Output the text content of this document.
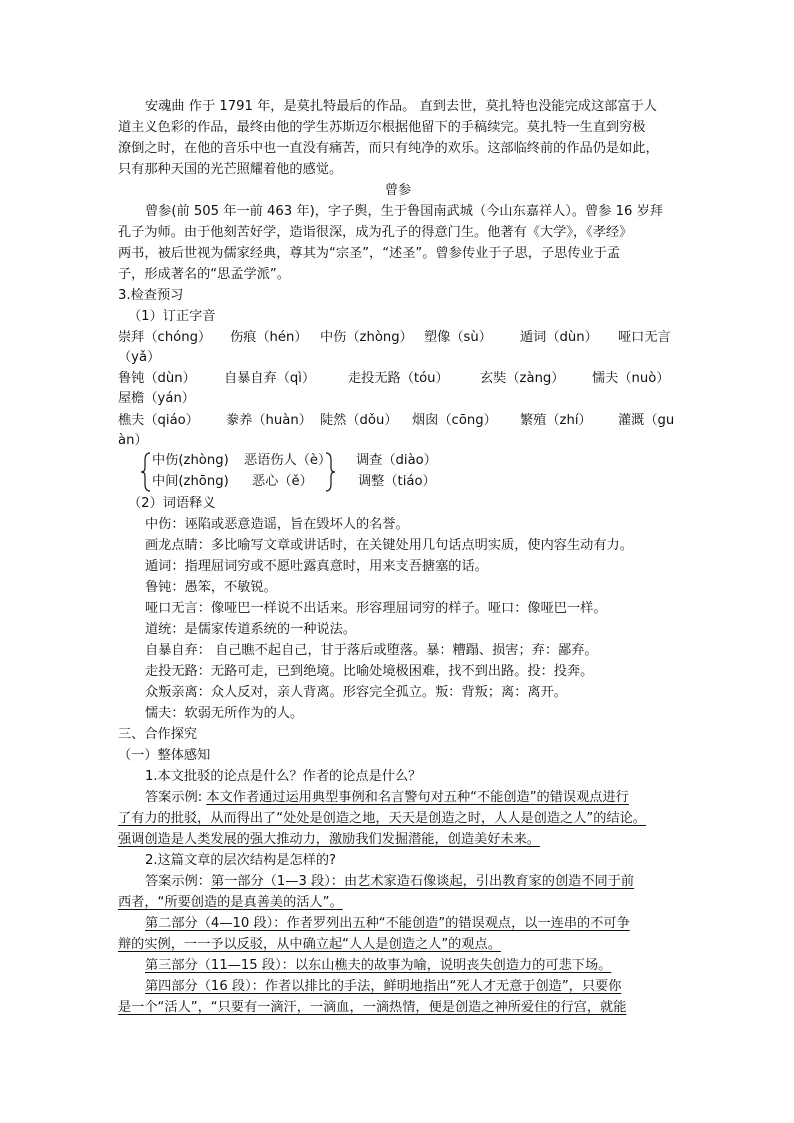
安魂曲 作于 1791 年，是莫扎特最后的作品。 直到去世，莫扎特也没能完成这部富于人
道主义色彩的作品，最终由他的学生苏斯迈尔根据他留下的手稿续完。莫扎特一生直到穷极
潦倒之时，在他的音乐中也一直没有痛苦，而只有纯净的欢乐。这部临终前的作品仍是如此，
只有那种天国的光芒照耀着他的感觉。
曾参
曾参(前 505 年一前 463 年)，字子舆，生于鲁国南武城（今山东嘉祥人）。曾参 16 岁拜
孔子为师。由于他刻苦好学，造诣很深，成为孔子的得意门生。他著有《大学》，《孝经》
两书，被后世视为儒家经典，尊其为“宗圣”，“述圣”。曾参传业于子思，子思传业于孟
子，形成著名的“思孟学派”。
3.检查预习
（1）订正字音
崇拜（chóng） 伤痕（hén） 中伤（zhòng） 塑像（sù） 遁词（dùn） 哑口无言
（yǎ）
鲁钝（dùn） 自暴自弃（qì） 走投无路（tóu） 玄奘（zàng） 懦夫（nuò）
屋檐（yán）
樵夫（qiáo） 豢养（huàn） 陡然（dǒu） 烟囱（cōng） 繁殖（zhí） 灌溉（gu
àn）
中伤(zhòng)
中间(zhōng)
恶语伤人（è）
恶心（ě）
调查（diào）
调整（tiáo）
（2）词语释义
中伤：诬陷或恶意造谣，旨在毁坏人的名誉。
画龙点睛：多比喻写文章或讲话时，在关键处用几句话点明实质，使内容生动有力。
遁词：指理屈词穷或不愿吐露真意时，用来支吾搪塞的话。
鲁钝：愚笨，不敏锐。
哑口无言：像哑巴一样说不出话来。形容理屈词穷的样子。哑口：像哑巴一样。
道统：是儒家传道系统的一种说法。
自暴自弃： 自己瞧不起自己，甘于落后或堕落。暴：糟蹋、损害；弃：鄙弃。
走投无路：无路可走，已到绝境。比喻处境极困难，找不到出路。投：投奔。
众叛亲离：众人反对，亲人背离。形容完全孤立。叛：背叛；离：离开。
懦夫：软弱无所作为的人。
三、合作探究
（一）整体感知
1.本文批驳的论点是什么？作者的论点是什么？
答案示例: 本文作者通过运用典型事例和名言警句对五种“不能创造”的错误观点进行
了有力的批驳，从而得出了“处处是创造之地，天天是创造之时，人人是创造之人”的结论。
强调创造是人类发展的强大推动力，激励我们发掘潜能，创造美好未来。
2.这篇文章的层次结构是怎样的?
答案示例：第一部分（1—3 段）：由艺术家造石像谈起，引出教育家的创造不同于前
西者，“所要创造的是真善美的活人”。
第二部分（4—10 段）：作者罗列出五种“不能创造”的错误观点，以一连串的不可争
辩的实例，一一予以反驳，从中确立起“人人是创造之人”的观点。
第三部分（11—15 段）：以东山樵夫的故事为喻，说明丧失创造力的可悲下场。
第四部分（16 段）：作者以排比的手法，鲜明地指出“死人才无意于创造”，只要你
是一个“活人”，“只要有一滴汗，一滴血，一滴热情，便是创造之神所爱住的行宫，就能
